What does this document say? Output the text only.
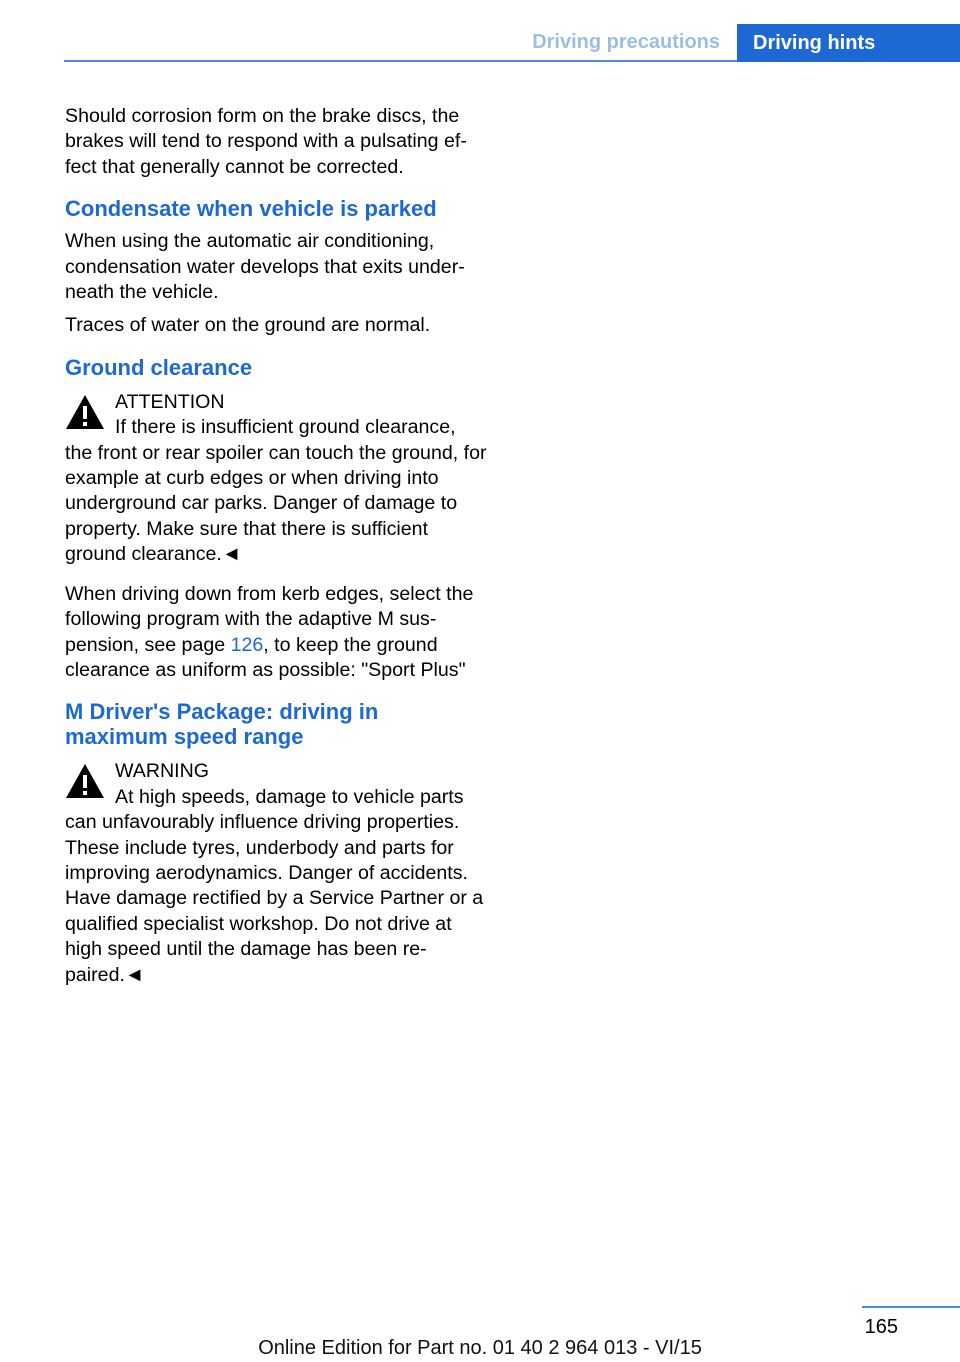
Driving precautions Driving hints

Should corrosion form on the brake discs, the brakes will tend to respond with a pulsating ef-fect that generally cannot be corrected.

Condensate when vehicle is parked

When using the automatic air conditioning, condensation water develops that exits under-neath the vehicle.

Traces of water on the ground are normal.

Ground clearance

ATTENTION

If there is insufficient ground clearance, the front or rear spoiler can touch the ground, for example at curb edges or when driving into underground car parks. Danger of damage to property. Make sure that there is sufficient ground clearance.◄

When driving down from kerb edges, select the following program with the adaptive M sus-pension, see page 126, to keep the ground clearance as uniform as possible: "Sport Plus"

M Driver's Package: driving in maximum speed range

WARNING

At high speeds, damage to vehicle parts can unfavourably influence driving properties. These include tyres, underbody and parts for improving aerodynamics. Danger of accidents. Have damage rectified by a Service Partner or a qualified specialist workshop. Do not drive at high speed until the damage has been re-paired.◄

165
Online Edition for Part no. 01 40 2 964 013 - VI/15
